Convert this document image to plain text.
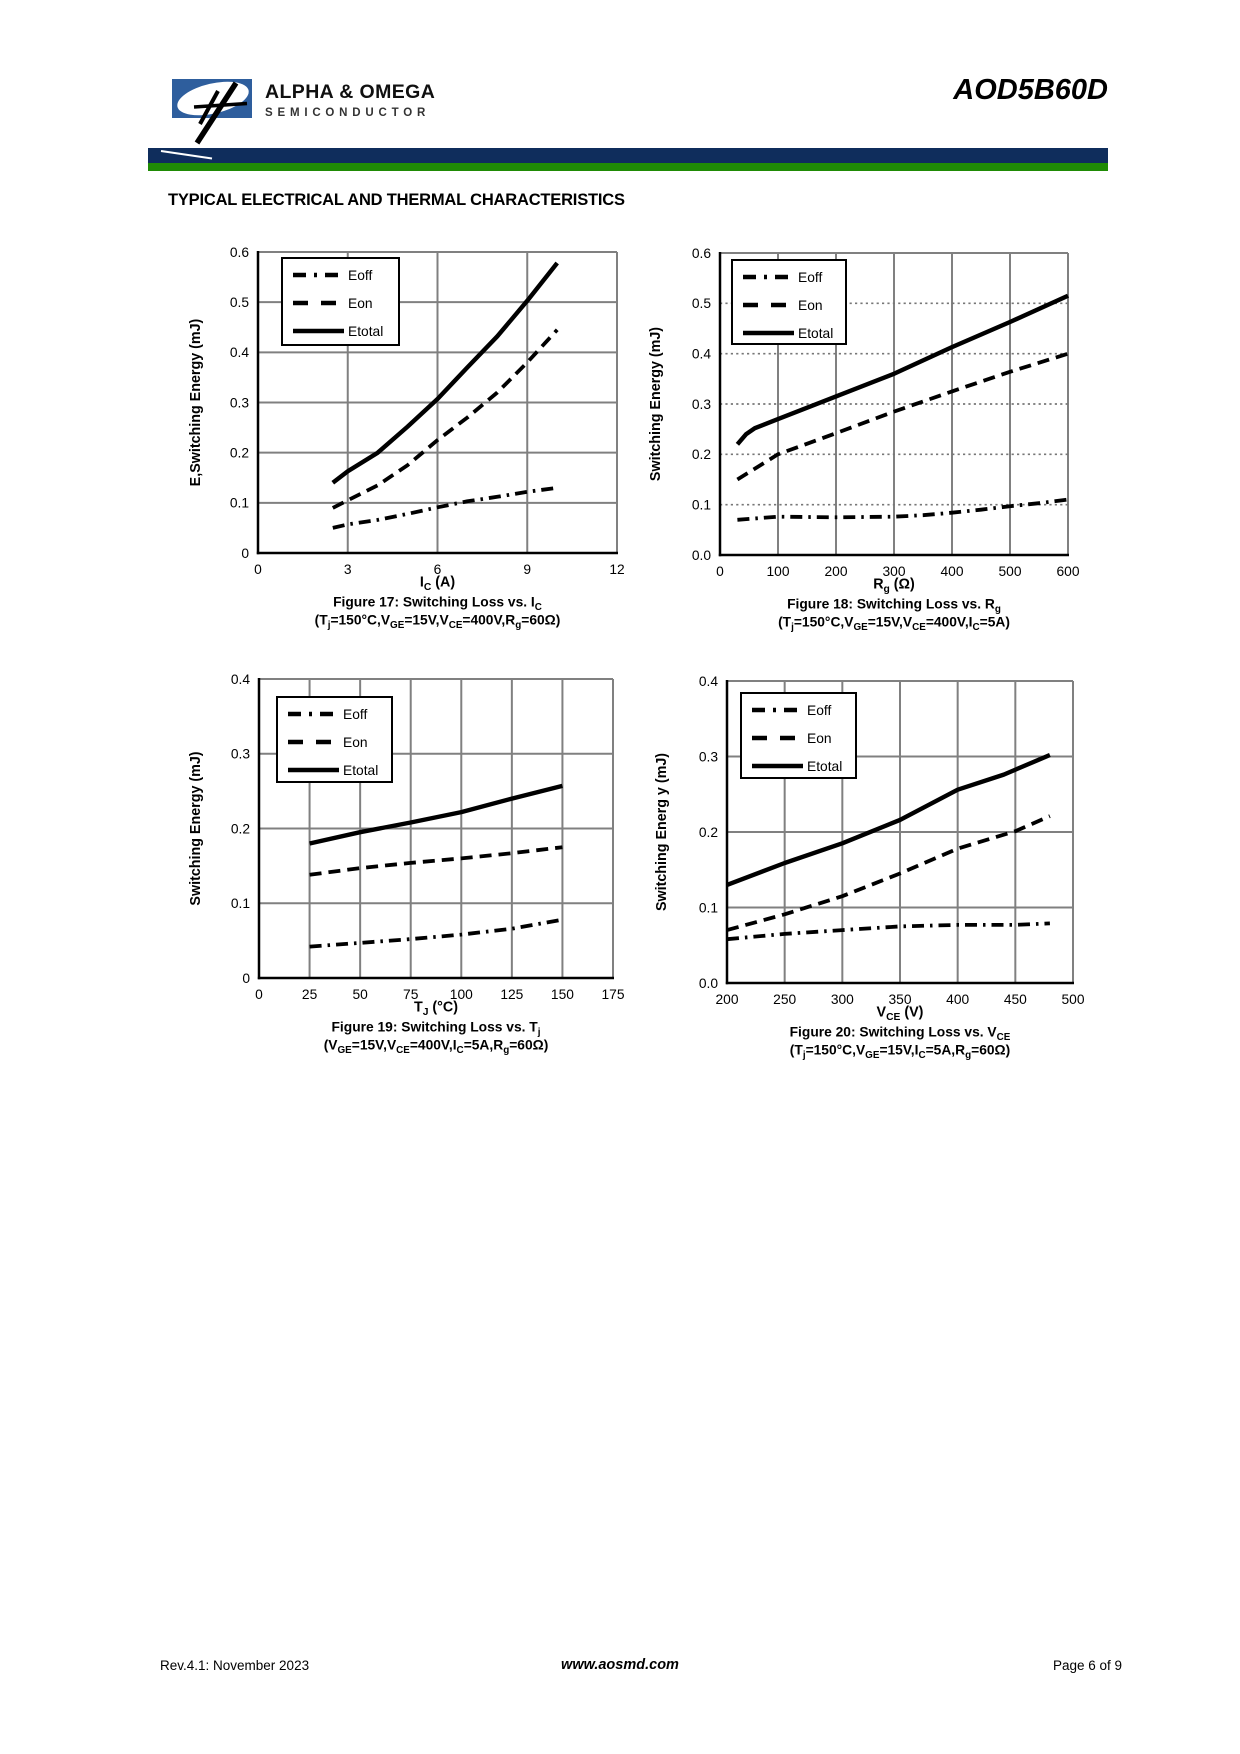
ALPHA & OMEGA
SEMICONDUCTOR
AOD5B60D
TYPICAL ELECTRICAL AND THERMAL CHARACTERISTICS
Eoff
Eon
Etotal
0	3	6	9	12
0
0.1
0.2
0.3
0.4
0.5
0.6
E,Switching Energy (mJ)
$I_C$ (A)
Figure 17: Switching Loss vs. $I_C$
$(T_j=150^\circ C,V_{GE}=15V,V_{CE}=400V,R_g=60\Omega)$
Eoff
Eon
Etotal
0	100	200	300	400	500	600
0.0
0.1
0.2
0.3
0.4
0.5
0.6
Switching Energy (mJ)
$R_g$ (Ω)
Figure 18: Switching Loss vs. $R_g$
$(T_j=150^\circ C,V_{GE}=15V,V_{CE}=400V,I_C=5A)$
Eoff
Eon
Etotal
0	25	50	75 100 125 150 175
0
0.1
0.2
0.3
0.4
Switching Energy (mJ)
$T_J$ (°C)
Figure 19: Switching Loss vs. $T_j$
$(V_{GE}=15V,V_{CE}=400V,I_C=5A,R_g=60\Omega)$
Eoff
Eon
Etotal
200	250	300	350	400	450	500
0.0
0.1
0.2
0.3
0.4
Switching Energ y (mJ)
$V_{CE}$ (V)
Figure 20: Switching Loss vs. $V_{CE}$
$(T_j=150^\circ C,V_{GE}=15V,I_C=5A,R_g=60\Omega)$
Rev.4.1: November 2023	www.aosmd.com	Page 6 of 9
